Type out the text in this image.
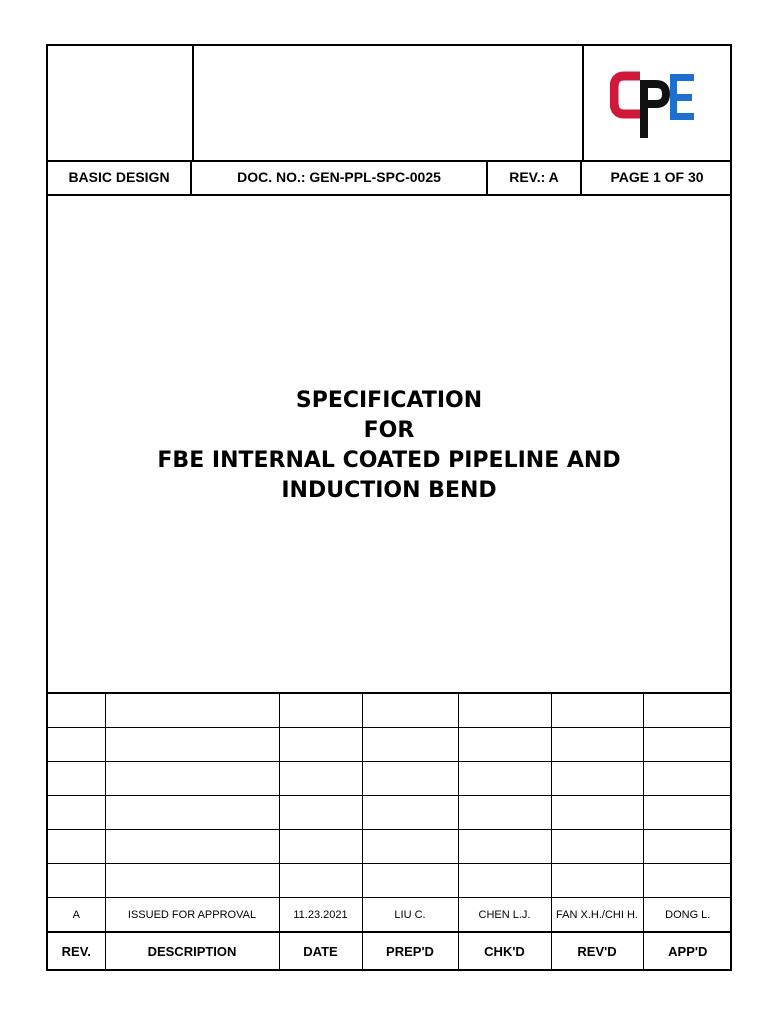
BASIC DESIGN	DOC. NO.: GEN-PPL-SPC-0025	REV.: A	PAGE 1 OF 30
SPECIFICATION
FOR
FBE INTERNAL COATED PIPELINE AND
INDUCTION BEND

A	ISSUED FOR APPROVAL	11.23.2021	LIU C.	CHEN L.J.	FAN X.H./CHI H.	DONG L.
REV.	DESCRIPTION	DATE	PREP'D	CHK'D	REV'D	APP'D
